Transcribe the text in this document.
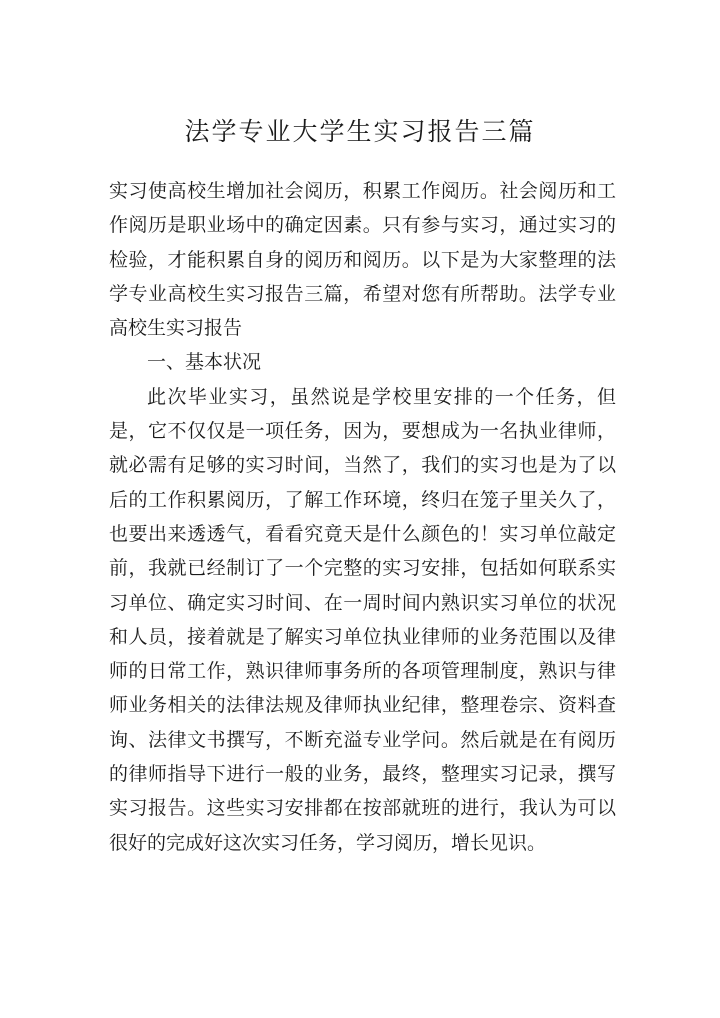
法学专业大学生实习报告三篇

实习使高校生增加社会阅历，积累工作阅历。社会阅历和工作阅历是职业场中的确定因素。只有参与实习，通过实习的检验，才能积累自身的阅历和阅历。以下是为大家整理的法学专业高校生实习报告三篇，希望对您有所帮助。法学专业高校生实习报告

一、基本状况

此次毕业实习，虽然说是学校里安排的一个任务，但是，它不仅仅是一项任务，因为，要想成为一名执业律师，就必需有足够的实习时间，当然了，我们的实习也是为了以后的工作积累阅历，了解工作环境，终归在笼子里关久了，也要出来透透气，看看究竟天是什么颜色的！实习单位敲定前，我就已经制订了一个完整的实习安排，包括如何联系实习单位、确定实习时间、在一周时间内熟识实习单位的状况和人员，接着就是了解实习单位执业律师的业务范围以及律师的日常工作，熟识律师事务所的各项管理制度，熟识与律师业务相关的法律法规及律师执业纪律，整理卷宗、资料查询、法律文书撰写，不断充溢专业学问。然后就是在有阅历的律师指导下进行一般的业务，最终，整理实习记录，撰写实习报告。这些实习安排都在按部就班的进行，我认为可以很好的完成好这次实习任务，学习阅历，增长见识。
